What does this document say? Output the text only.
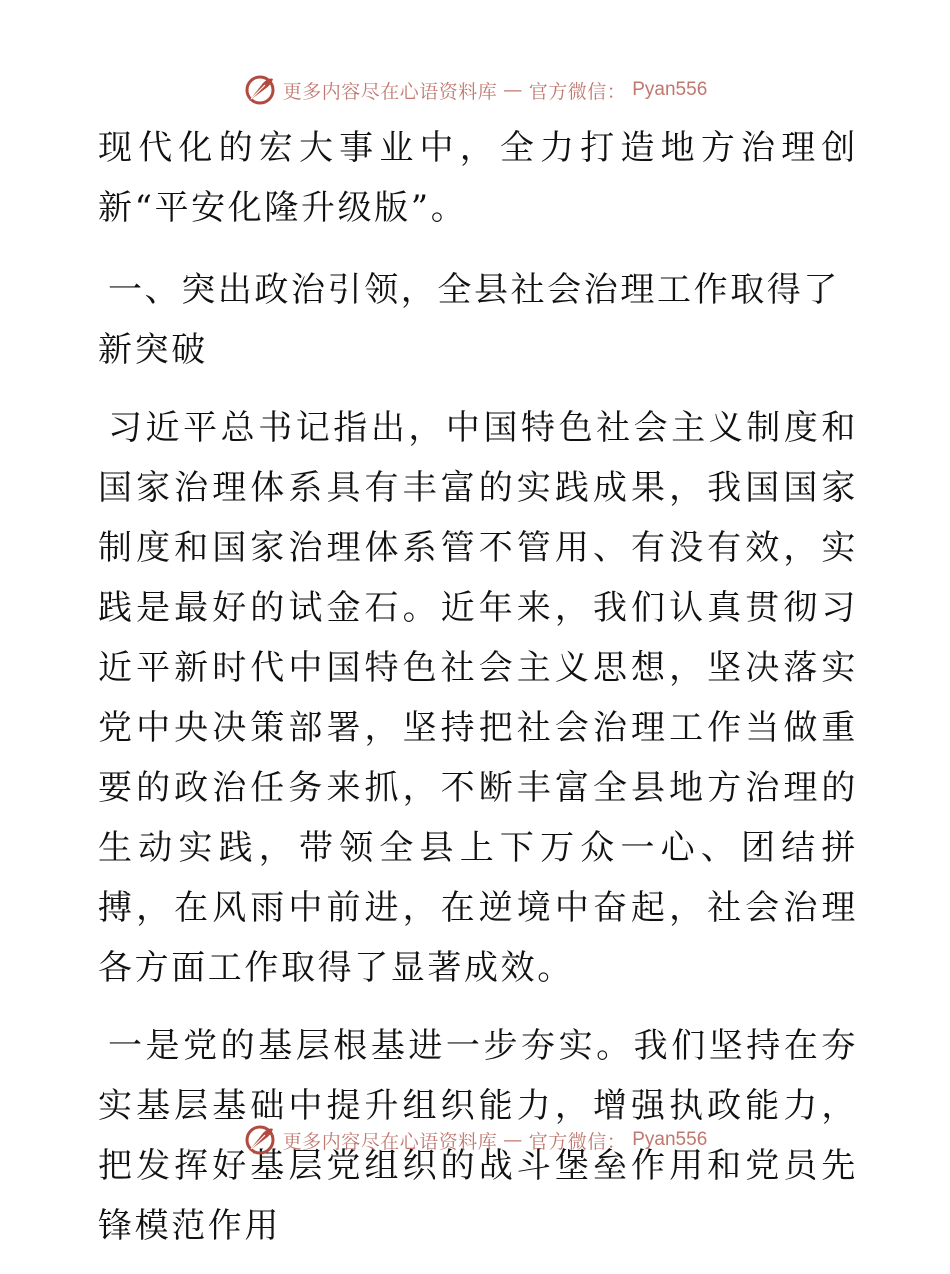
更多内容尽在心语资料库 — 官方微信： Pyan556

现代化的宏大事业中，全力打造地方治理创新“平安化隆升级版”。

一、突出政治引领，全县社会治理工作取得了新突破

习近平总书记指出，中国特色社会主义制度和国家治理体系具有丰富的实践成果，我国国家制度和国家治理体系管不管用、有没有效，实践是最好的试金石。近年来，我们认真贯彻习近平新时代中国特色社会主义思想，坚决落实党中央决策部署，坚持把社会治理工作当做重要的政治任务来抓，不断丰富全县地方治理的生动实践，带领全县上下万众一心、团结拼搏，在风雨中前进，在逆境中奋起，社会治理各方面工作取得了显著成效。

一是党的基层根基进一步夯实。我们坚持在夯实基层基础中提升组织能力，增强执政能力，把发挥好基层党组织的战斗堡垒作用和党员先锋模范作用

更多内容尽在心语资料库 — 官方微信： Pyan556
